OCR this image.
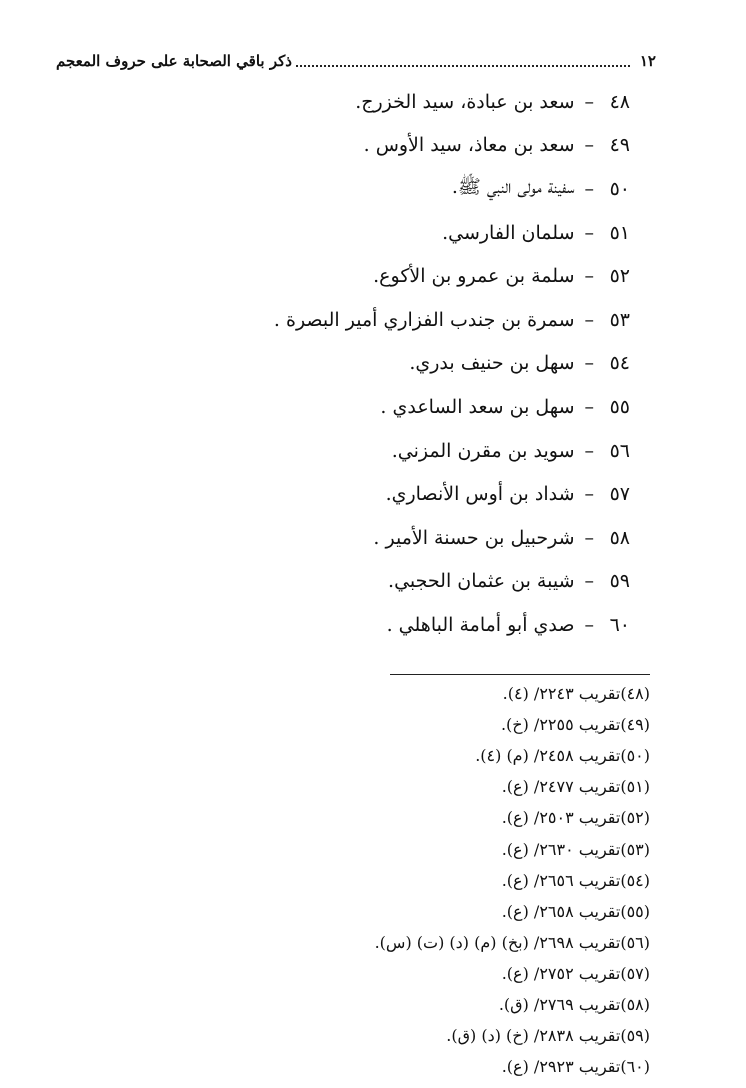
١٢
ذكر باقي الصحابة على حروف المعجم
٤٨
–
سعد بن عبادة، سيد الخزرج.
٤٩
–
سعد بن معاذ، سيد الأوس .
٥٠
–
سفينة مولى النبي ﷺ.
٥١
–
سلمان الفارسي.
٥٢
–
سلمة بن عمرو بن الأكوع.
٥٣
–
سمرة بن جندب الفزاري أمير البصرة .
٥٤
–
سهل بن حنيف بدري.
٥٥
–
سهل بن سعد الساعدي .
٥٦
–
سويد بن مقرن المزني.
٥٧
–
شداد بن أوس الأنصاري.
٥٨
–
شرحبيل بن حسنة الأمير .
٥٩
–
شيبة بن عثمان الحجبي.
٦٠
–
صدي أبو أمامة الباهلي .
(٤٨)تقريب ٢٢٤٣/ (٤).
(٤٩)تقريب ٢٢٥٥/ (خ).
(٥٠)تقريب ٢٤٥٨/ (م) (٤).
(٥١)تقريب ٢٤٧٧/ (ع).
(٥٢)تقريب ٢٥٠٣/ (ع).
(٥٣)تقريب ٢٦٣٠/ (ع).
(٥٤)تقريب ٢٦٥٦/ (ع).
(٥٥)تقريب ٢٦٥٨/ (ع).
(٥٦)تقريب ٢٦٩٨/ (بخ) (م) (د) (ت) (س).
(٥٧)تقريب ٢٧٥٢/ (ع).
(٥٨)تقريب ٢٧٦٩/ (ق).
(٥٩)تقريب ٢٨٣٨/ (خ) (د) (ق).
(٦٠)تقريب ٢٩٢٣/ (ع).
